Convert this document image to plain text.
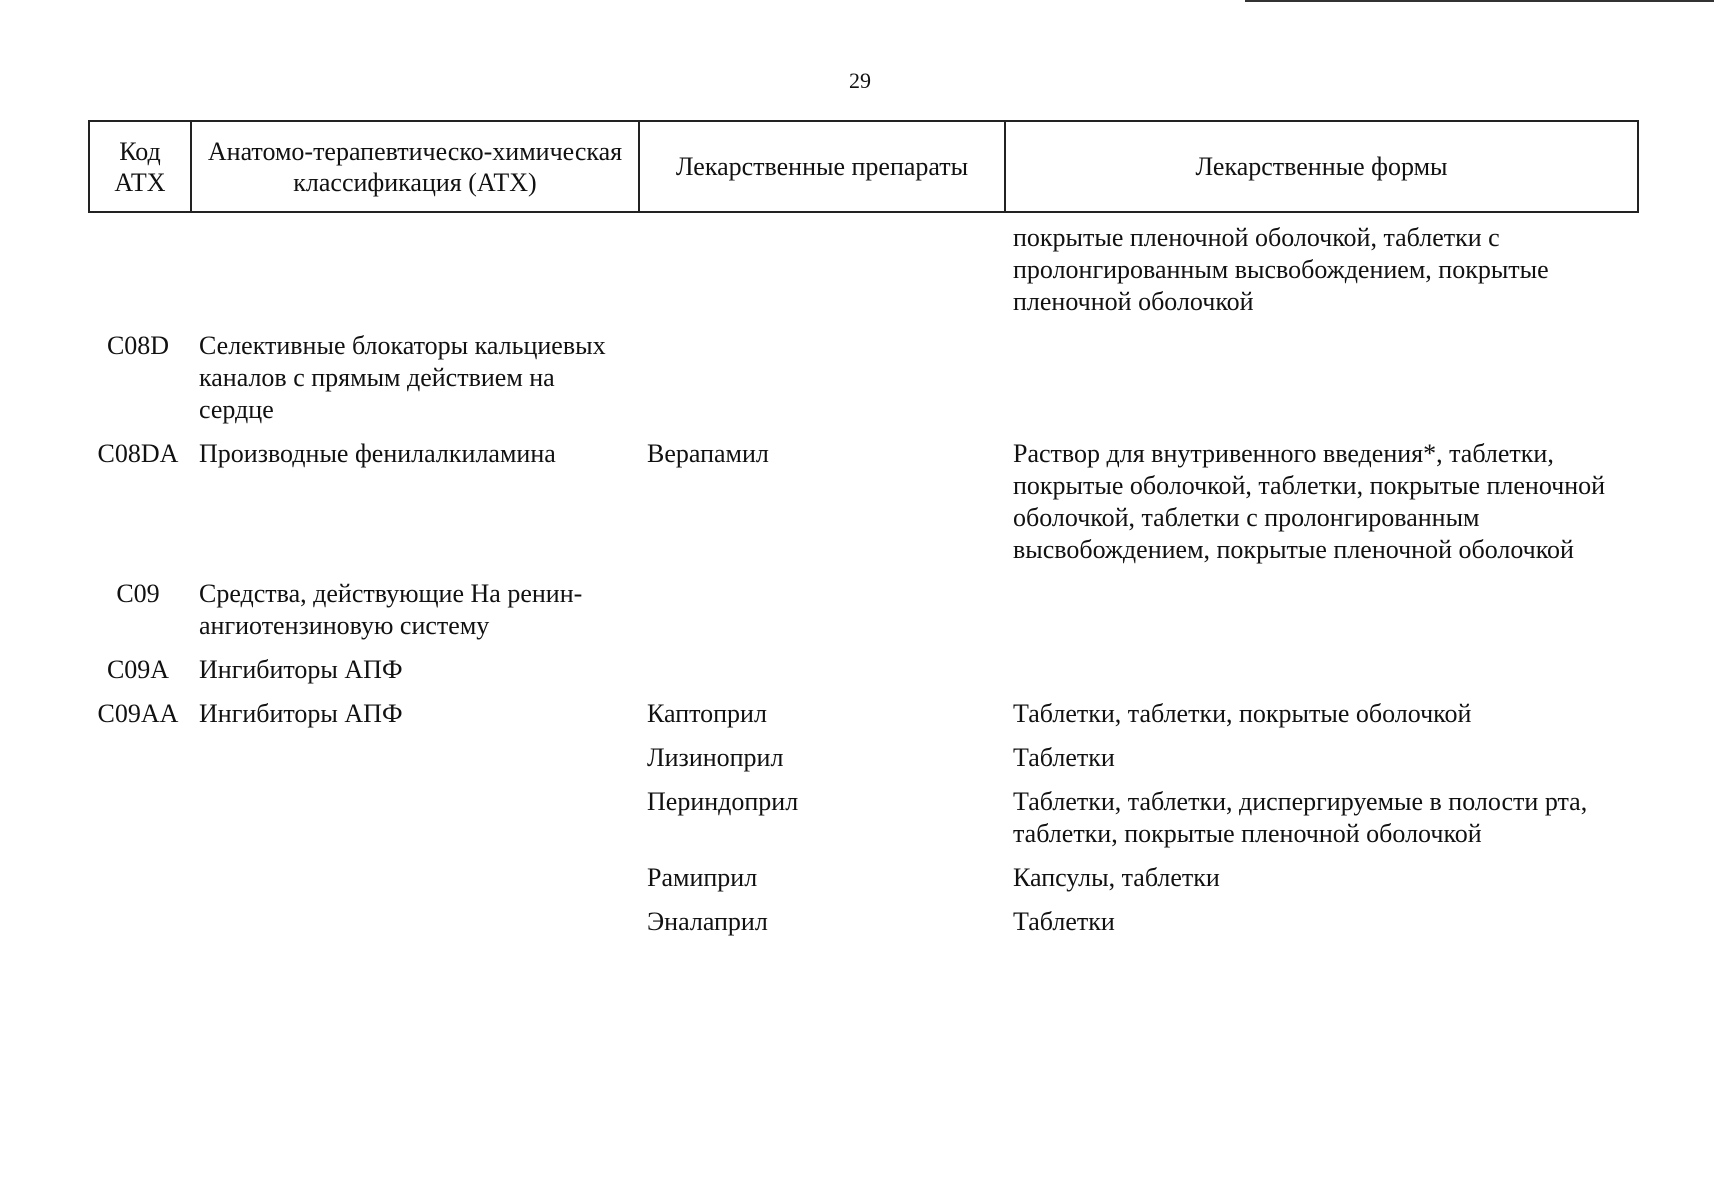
29
Код АТХ	Анатомо-терапевтическо-химическая классификация (АТХ)	Лекарственные препараты	Лекарственные формы
			покрытые пленочной оболочкой, таблетки с пролонгированным высвобождением, покрытые пленочной оболочкой
C08D	Селективные блокаторы кальциевых каналов с прямым действием на сердце		
C08DA	Производные фенилалкиламина	Верапамил	Раствор для внутривенного введения*, таблетки, покрытые оболочкой, таблетки, покрытые пленочной оболочкой, таблетки с пролонгированным высвобождением, покрытые пленочной оболочкой
C09	Средства, действующие На ренин-ангиотензиновую систему		
C09A	Ингибиторы АПФ		
C09AA	Ингибиторы АПФ	Каптоприл	Таблетки, таблетки, покрытые оболочкой
		Лизиноприл	Таблетки
		Периндоприл	Таблетки, таблетки, диспергируемые в полости рта, таблетки, покрытые пленочной оболочкой
		Рамиприл	Капсулы, таблетки
		Эналаприл	Таблетки
